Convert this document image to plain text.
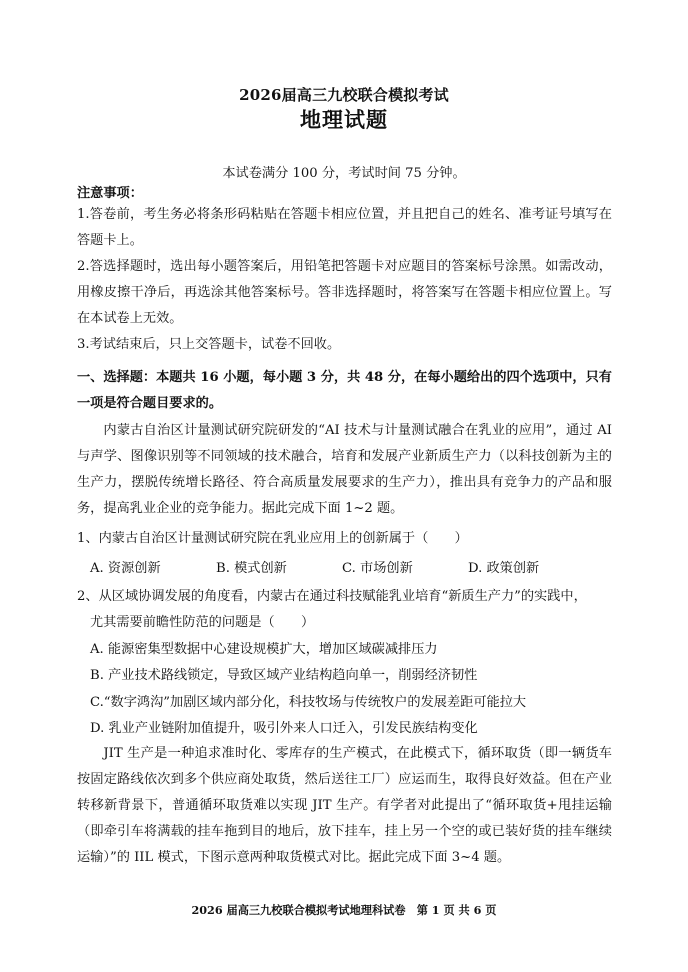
2026届高三九校联合模拟考试
地理试题
本试卷满分 100 分，考试时间 75 分钟。
注意事项：

1.答卷前，考生务必将条形码粘贴在答题卡相应位置，并且把自己的姓名、准考证号填写在答题卡上。

2.答选择题时，选出每小题答案后，用铅笔把答题卡对应题目的答案标号涂黑。如需改动，用橡皮擦干净后，再选涂其他答案标号。答非选择题时，将答案写在答题卡相应位置上。写在本试卷上无效。

3.考试结束后，只上交答题卡，试卷不回收。

一、选择题：本题共 16 小题，每小题 3 分，共 48 分，在每小题给出的四个选项中，只有一项是符合题目要求的。
内蒙古自治区计量测试研究院研发的“AI 技术与计量测试融合在乳业的应用”，通过 AI 与声学、图像识别等不同领域的技术融合，培育和发展产业新质生产力（以科技创新为主的生产力，摆脱传统增长路径、符合高质量发展要求的生产力），推出具有竞争力的产品和服务，提高乳业企业的竞争能力。据此完成下面 1~2 题。
1、内蒙古自治区计量测试研究院在乳业应用上的创新属于（　　）
A. 资源创新	B. 模式创新	C. 市场创新	D. 政策创新

2、从区域协调发展的角度看，内蒙古在通过科技赋能乳业培育“新质生产力”的实践中，

尤其需要前瞻性防范的问题是（　　）

A. 能源密集型数据中心建设规模扩大，增加区域碳减排压力

B. 产业技术路线锁定，导致区域产业结构趋向单一，削弱经济韧性

C.“数字鸿沟”加剧区域内部分化，科技牧场与传统牧户的发展差距可能拉大

D. 乳业产业链附加值提升，吸引外来人口迁入，引发民族结构变化

JIT 生产是一种追求准时化、零库存的生产模式，在此模式下，循环取货（即一辆货车按固定路线依次到多个供应商处取货，然后送往工厂）应运而生，取得良好效益。但在产业转移新背景下，普通循环取货难以实现 JIT 生产。有学者对此提出了“循环取货+甩挂运输（即牵引车将满载的挂车拖到目的地后，放下挂车，挂上另一个空的或已装好货的挂车继续运输）”的 IIL 模式，下图示意两种取货模式对比。据此完成下面 3~4 题。
2026 届高三九校联合模拟考试地理科试卷　第 1 页 共 6 页
